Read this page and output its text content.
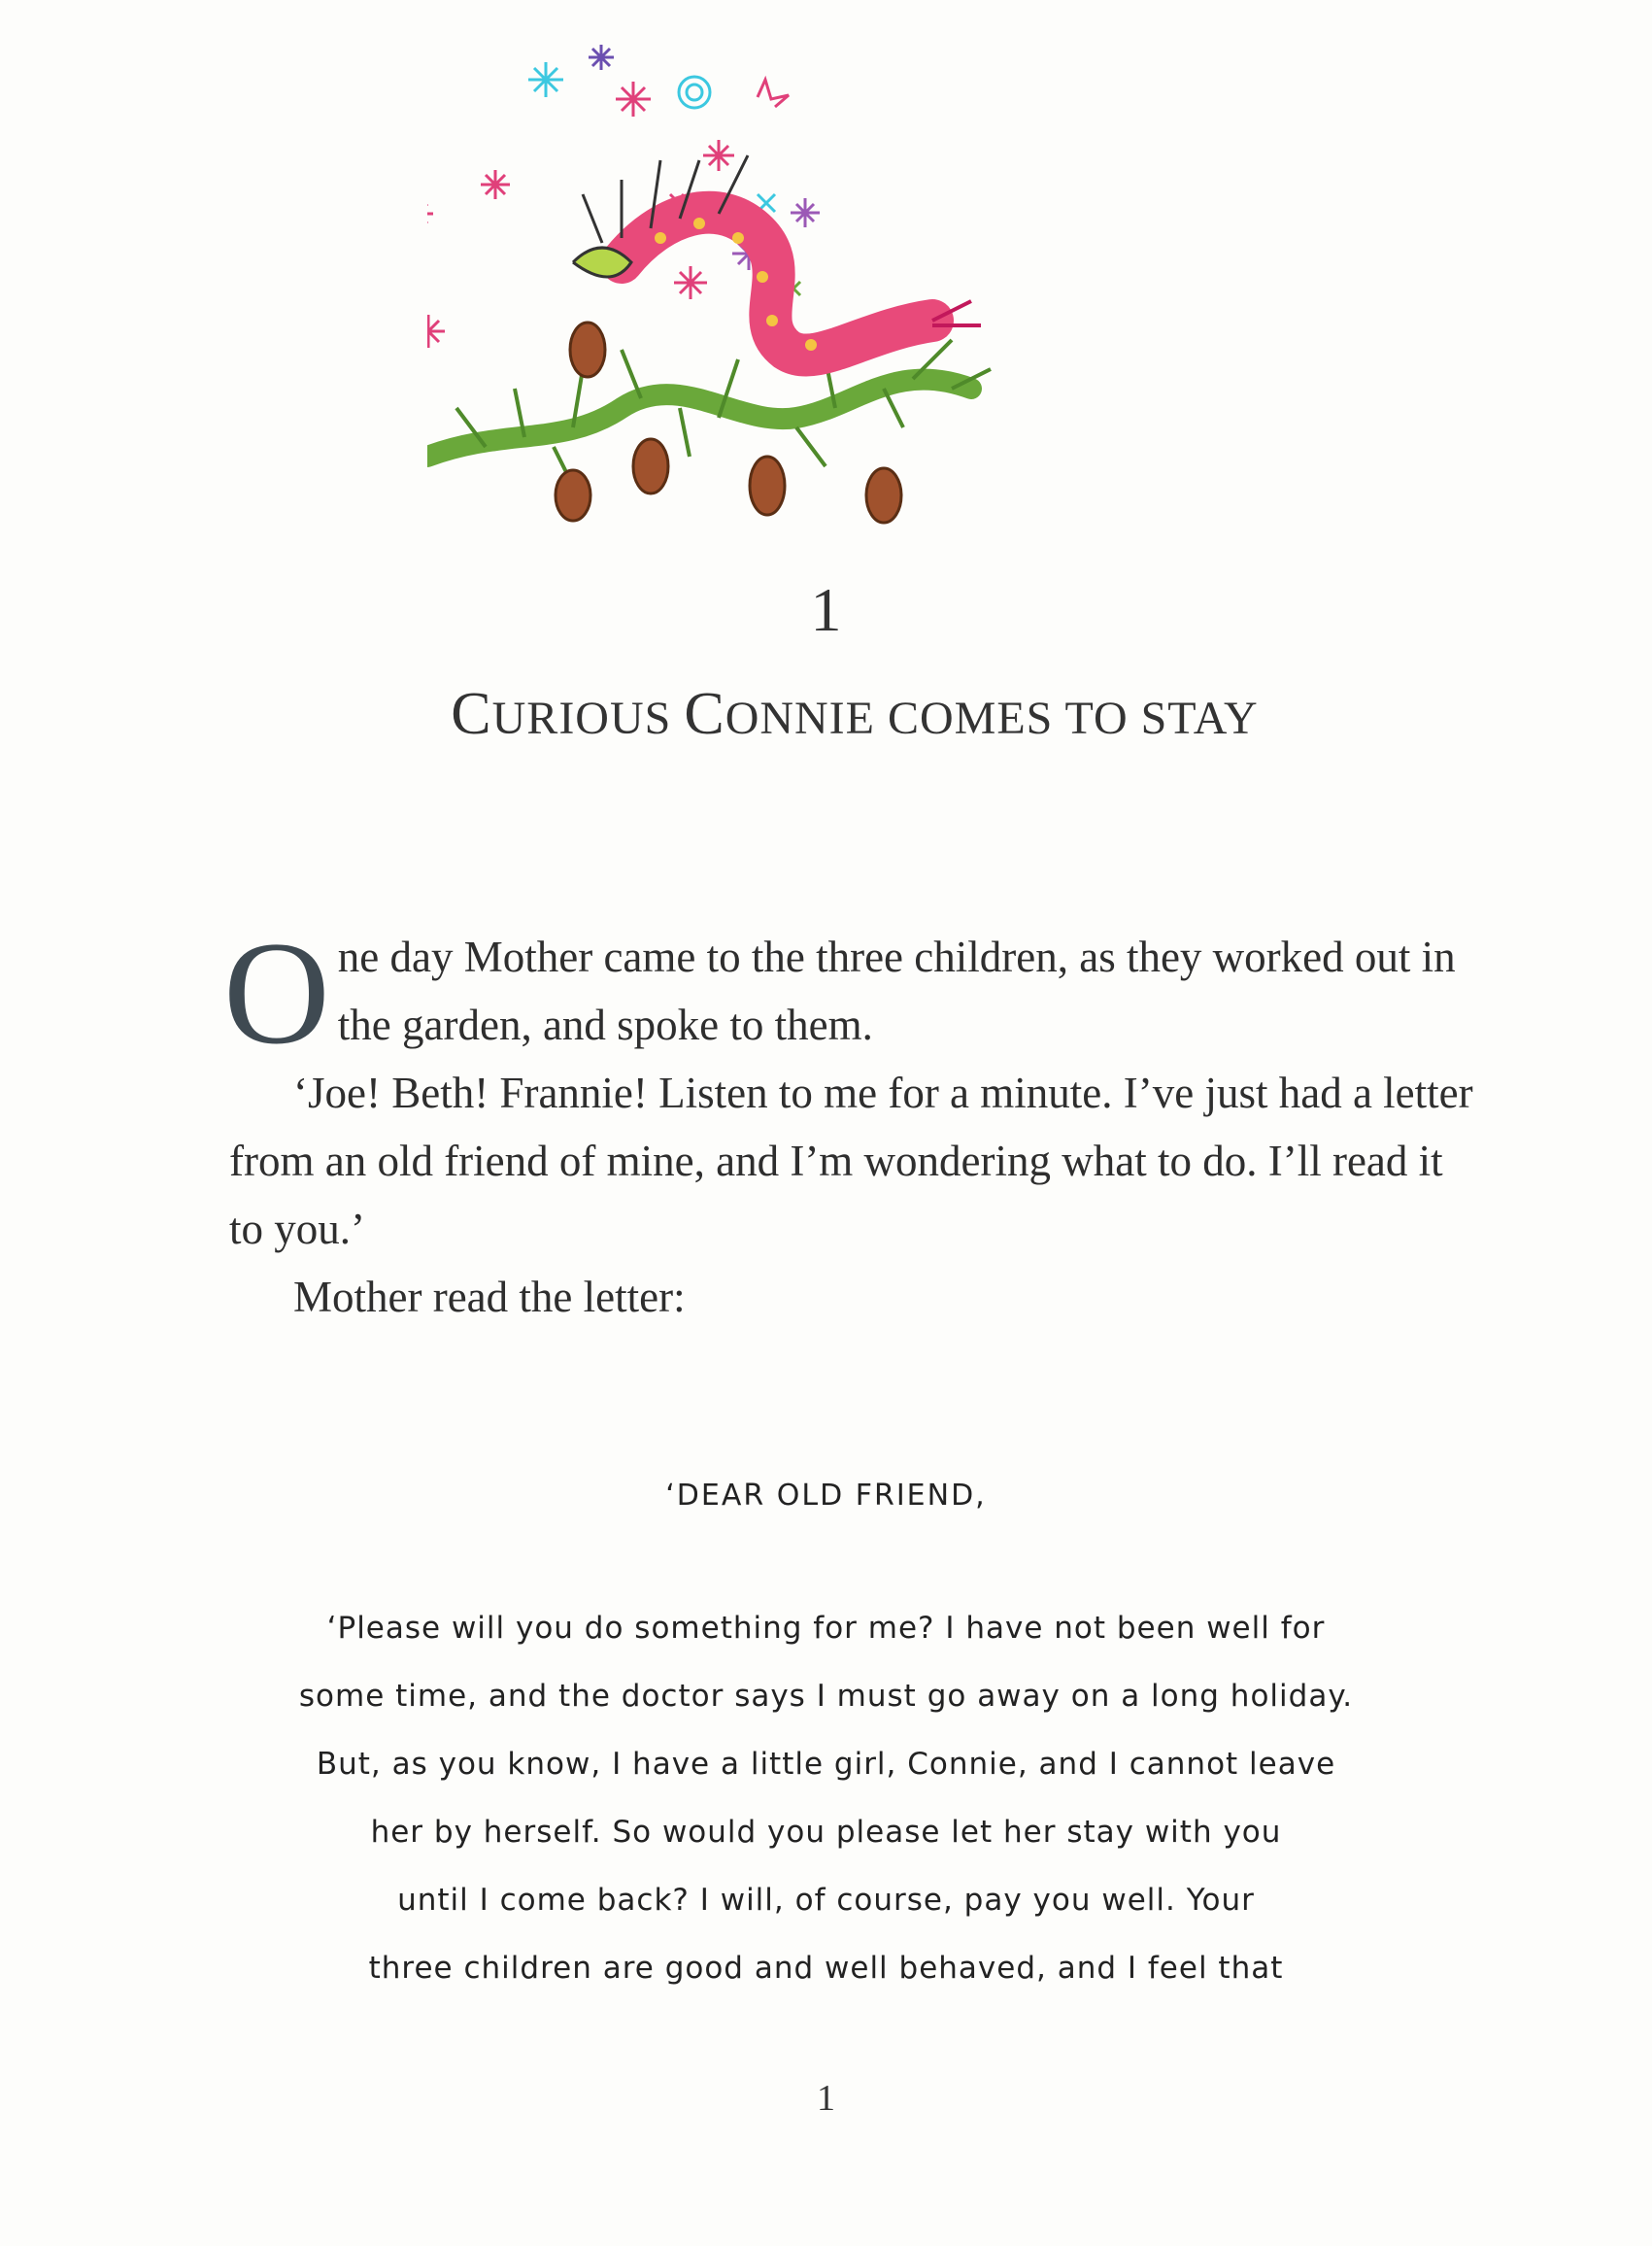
1
CURIOUS CONNIE COMES TO STAY
O ne day Mother came to the three children, as they worked out in the garden, and spoke to them.

‘Joe! Beth! Frannie! Listen to me for a minute. I’ve just had a letter from an old friend of mine, and I’m wondering what to do. I’ll read it to you.’

Mother read the letter:

‘DEAR OLD FRIEND,
‘Please will you do something for me? I have not been well for
some time, and the doctor says I must go away on a long holiday.
But, as you know, I have a little girl, Connie, and I cannot leave
her by herself. So would you please let her stay with you
until I come back? I will, of course, pay you well. Your
three children are good and well behaved, and I feel that
1
